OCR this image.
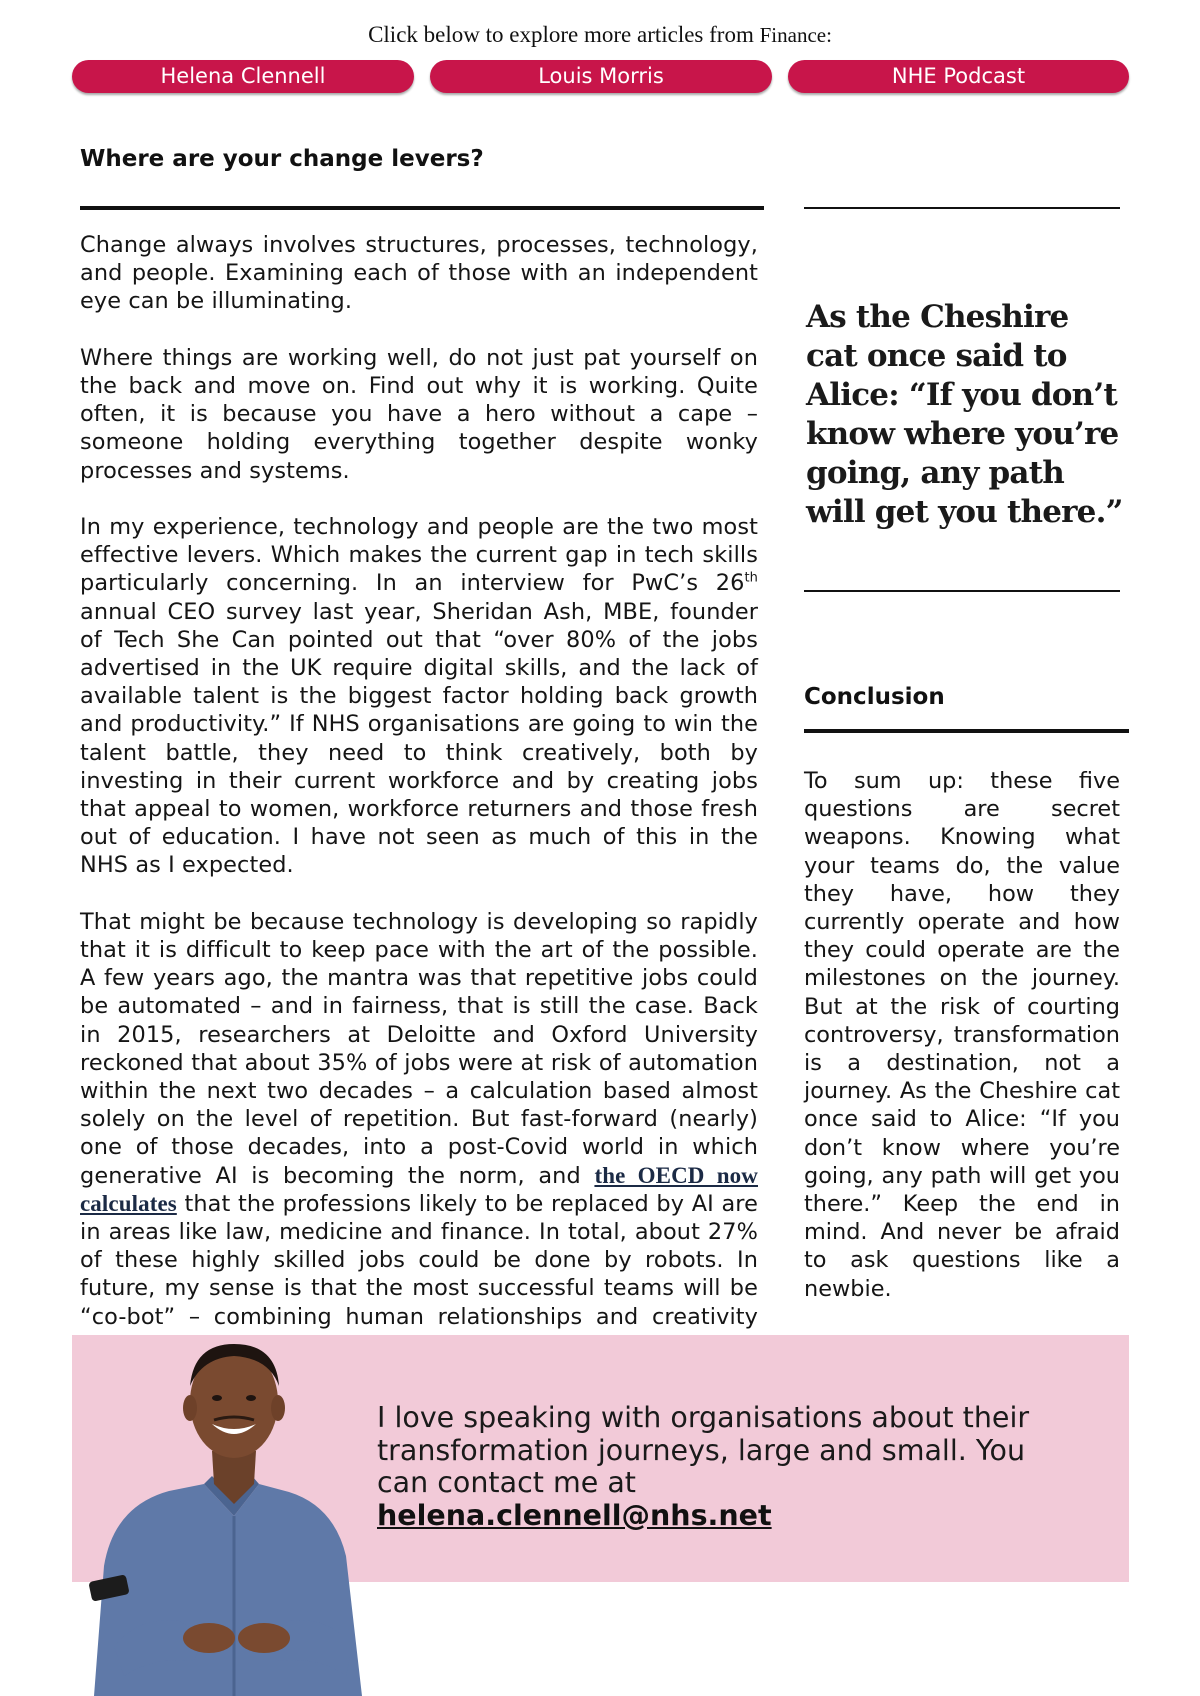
Click below to explore more articles from Finance:
Helena Clennell	Louis Morris	NHE Podcast
Where are your change levers?

Change always involves structures, processes, technology, and people. Examining each of those with an independent eye can be illuminating.

Where things are working well, do not just pat yourself on the back and move on. Find out why it is working. Quite often, it is because you have a hero without a cape – someone holding everything together despite wonky processes and systems.

In my experience, technology and people are the two most effective levers. Which makes the current gap in tech skills particularly concerning. In an interview for PwC’s 26th annual CEO survey last year, Sheridan Ash, MBE, founder of Tech She Can pointed out that “over 80% of the jobs advertised in the UK require digital skills, and the lack of available talent is the biggest factor holding back growth and productivity.” If NHS organisations are going to win the talent battle, they need to think creatively, both by investing in their current workforce and by creating jobs that appeal to women, workforce returners and those fresh out of education. I have not seen as much of this in the NHS as I expected.

That might be because technology is developing so rapidly that it is difficult to keep pace with the art of the possible. A few years ago, the mantra was that repetitive jobs could be automated – and in fairness, that is still the case. Back in 2015, researchers at Deloitte and Oxford University reckoned that about 35% of jobs were at risk of automation within the next two decades – a calculation based almost solely on the level of repetition. But fast-forward (nearly) one of those decades, into a post-Covid world in which generative AI is becoming the norm, and the OECD now calculates that the professions likely to be replaced by AI are in areas like law, medicine and finance. In total, about 27% of these highly skilled jobs could be done by robots. In future, my sense is that the most successful teams will be “co-bot” – combining human relationships and creativity

As the Cheshire cat once said to Alice: “If you don’t know where you’re going, any path will get you there.”
Conclusion

To sum up: these five questions are secret weapons. Knowing what your teams do, the value they have, how they currently operate and how they could operate are the milestones on the journey. But at the risk of courting controversy, transformation is a destination, not a journey. As the Cheshire cat once said to Alice: “If you don’t know where you’re going, any path will get you there.” Keep the end in mind. And never be afraid to ask questions like a newbie.

I love speaking with organisations about their transformation journeys, large and small. You can contact me at helena.clennell@nhs.net
